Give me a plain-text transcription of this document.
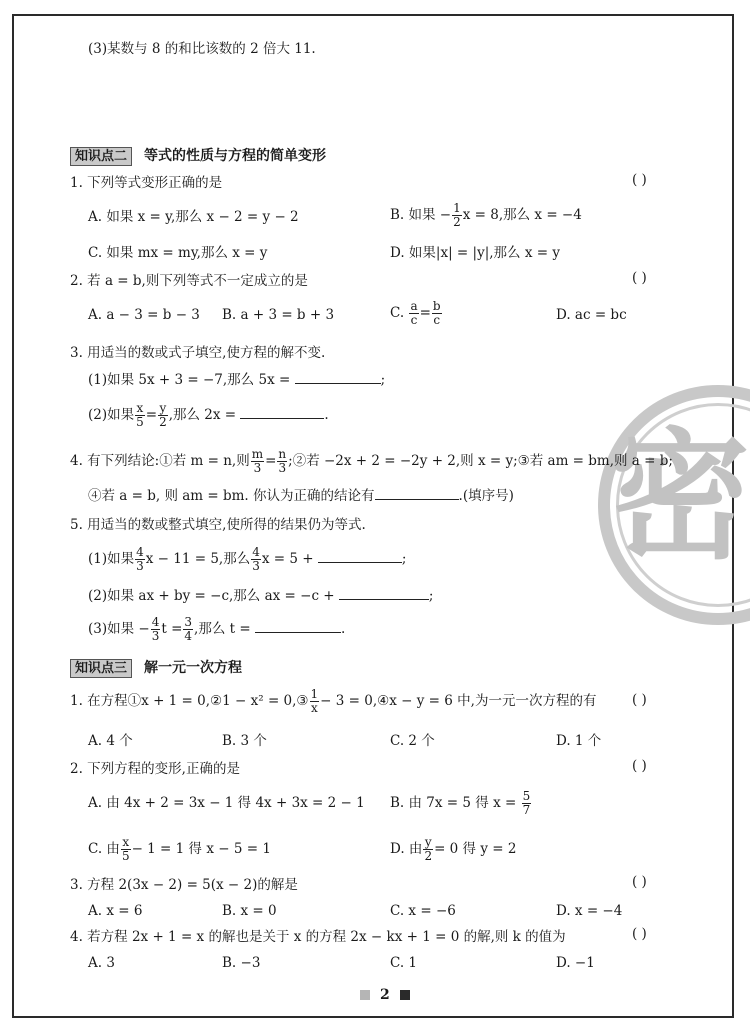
密
(3)某数与 8 的和比该数的 2 倍大 11.
知识点二 等式的性质与方程的简单变形
1. 下列等式变形正确的是	( )
A. 如果 x = y,那么 x − 2 = y − 2	B. 如果 − $\frac{1}{2}$ x = 8,那么 x = −4
C. 如果 mx = my,那么 x = y	D. 如果|x| = |y|,那么 x = y
2. 若 a = b,则下列等式不一定成立的是	( )
A. a − 3 = b − 3 B. a + 3 = b + 3	C. $\frac{a}{c} = \frac{b}{c}$	D. ac = bc
3. 用适当的数或式子填空,使方程的解不变.
(1)如果 5x + 3 = −7,那么 5x =	;
(2)如果 $\frac{x}{5} = \frac{y}{2}$ ,那么 2x =	.
4. 有下列结论:①若 m = n,则 $\frac{m}{3} = \frac{n}{3}$ ;②若 −2x + 2 = −2y + 2,则 x = y;③若 am = bm,则 a = b;
④若 a = b, 则 am = bm. 你认为正确的结论有	.(填序号)
5. 用适当的数或整式填空,使所得的结果仍为等式.
(1)如果 $\frac{4}{3}$ x − 11 = 5,那么 $\frac{4}{3}$ x = 5 +	;
(2)如果 ax + by = −c,那么 ax = −c +	;
(3)如果 − $\frac{4}{3}$ $t = \frac{3}{4}$ ,那么 t =	.
知识点三 解一元一次方程
1. 在方程①x + 1 = 0,②1 − x² = 0,③ $\frac{1}{x} - 3$ = 0,④x − y = 6 中,为一元一次方程的有	( )
A. 4 个	B. 3 个	C. 2 个	D. 1 个
2. 下列方程的变形,正确的是	( )
A. 由 4x + 2 = 3x − 1 得 4x + 3x = 2 − 1 B. 由 7x = 5 得 $x = \frac{5}{7}$
C. 由 $\frac{x}{5} - 1 = 1$ 得 x − 5 = 1	D. 由 $\frac{y}{2} = 0$ 得 y = 2
3. 方程 2(3x − 2) = 5(x − 2)的解是	( )
A. x = 6	B. x = 0	C. x = −6	D. x = −4
4. 若方程 2x + 1 = x 的解也是关于 x 的方程 2x − kx + 1 = 0 的解,则 k 的值为	( )
A. 3	B. −3	C. 1	D. −1
2
